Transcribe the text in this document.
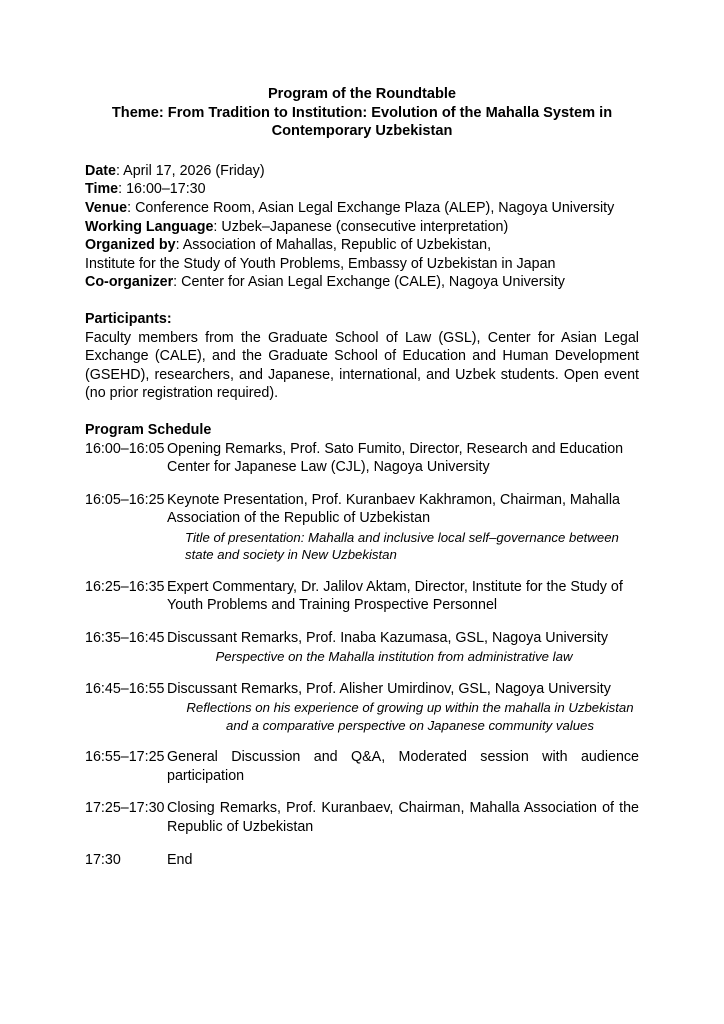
Program of the Roundtable
Theme: From Tradition to Institution: Evolution of the Mahalla System in Contemporary Uzbekistan
Date: April 17, 2026 (Friday)
Time: 16:00–17:30
Venue: Conference Room, Asian Legal Exchange Plaza (ALEP), Nagoya University
Working Language: Uzbek–Japanese (consecutive interpretation)
Organized by: Association of Mahallas, Republic of Uzbekistan,
Institute for the Study of Youth Problems, Embassy of Uzbekistan in Japan
Co-organizer: Center for Asian Legal Exchange (CALE), Nagoya University
Participants:
Faculty members from the Graduate School of Law (GSL), Center for Asian Legal Exchange (CALE), and the Graduate School of Education and Human Development (GSEHD), researchers, and Japanese, international, and Uzbek students. Open event (no prior registration required).
Program Schedule
16:00–16:05 Opening Remarks, Prof. Sato Fumito, Director, Research and Education Center for Japanese Law (CJL), Nagoya University
16:05–16:25 Keynote Presentation, Prof. Kuranbaev Kakhramon, Chairman, Mahalla Association of the Republic of Uzbekistan
Title of presentation: Mahalla and inclusive local self–governance between state and society in New Uzbekistan
16:25–16:35 Expert Commentary, Dr. Jalilov Aktam, Director, Institute for the Study of Youth Problems and Training Prospective Personnel
16:35–16:45 Discussant Remarks, Prof. Inaba Kazumasa, GSL, Nagoya University
Perspective on the Mahalla institution from administrative law
16:45–16:55 Discussant Remarks, Prof. Alisher Umirdinov, GSL, Nagoya University
Reflections on his experience of growing up within the mahalla in Uzbekistan and a comparative perspective on Japanese community values
16:55–17:25 General Discussion and Q&A, Moderated session with audience participation
17:25–17:30 Closing Remarks, Prof. Kuranbaev, Chairman, Mahalla Association of the Republic of Uzbekistan
17:30	End
